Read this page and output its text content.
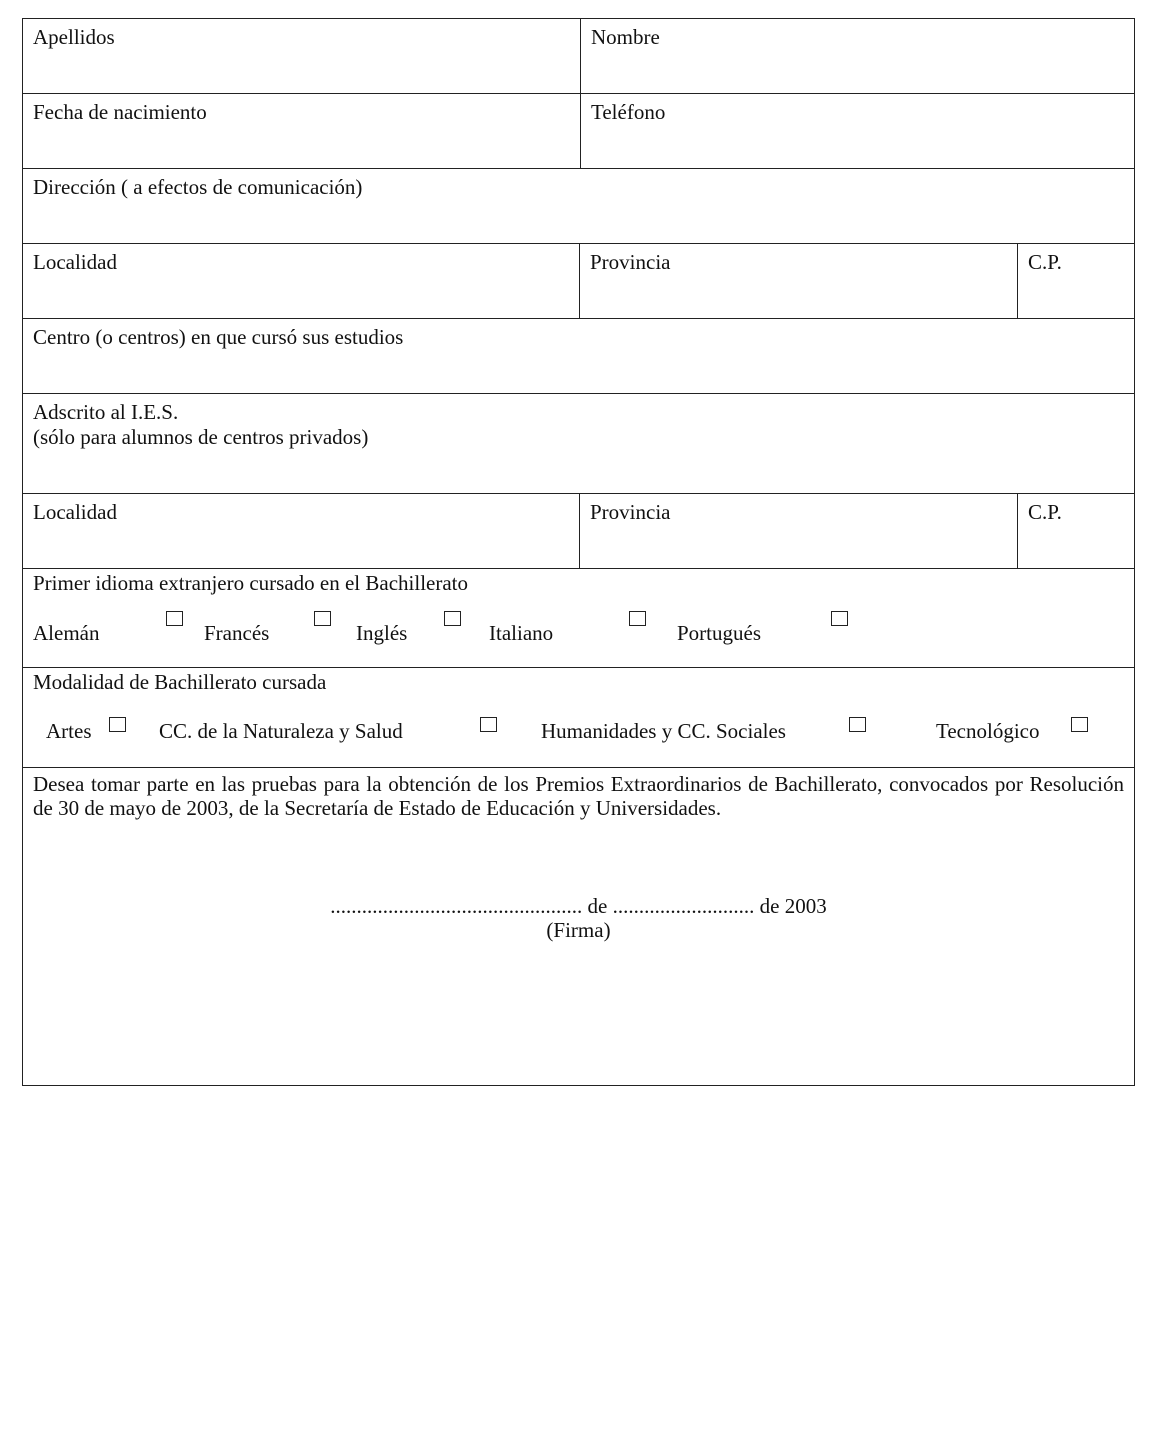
Apellidos	Nombre
Fecha de nacimiento	Teléfono
Dirección ( a efectos de comunicación)
Localidad	Provincia	C.P.
Centro (o centros) en que cursó sus estudios
Adscrito al I.E.S.
(sólo para alumnos de centros privados)
Localidad	Provincia	C.P.
Primer idioma extranjero cursado en el Bachillerato
Alemán	Francés	Inglés	Italiano	Portugués
Modalidad de Bachillerato cursada
Artes	CC. de la Naturaleza y Salud	Humanidades y CC. Sociales	Tecnológico
Desea tomar parte en las pruebas para la obtención de los Premios Extraordinarios de Bachillerato, convocados por Resolución de 30 de mayo de 2003, de la Secretaría de Estado de Educación y Universidades.
................................................ de ........................... de 2003
(Firma)
